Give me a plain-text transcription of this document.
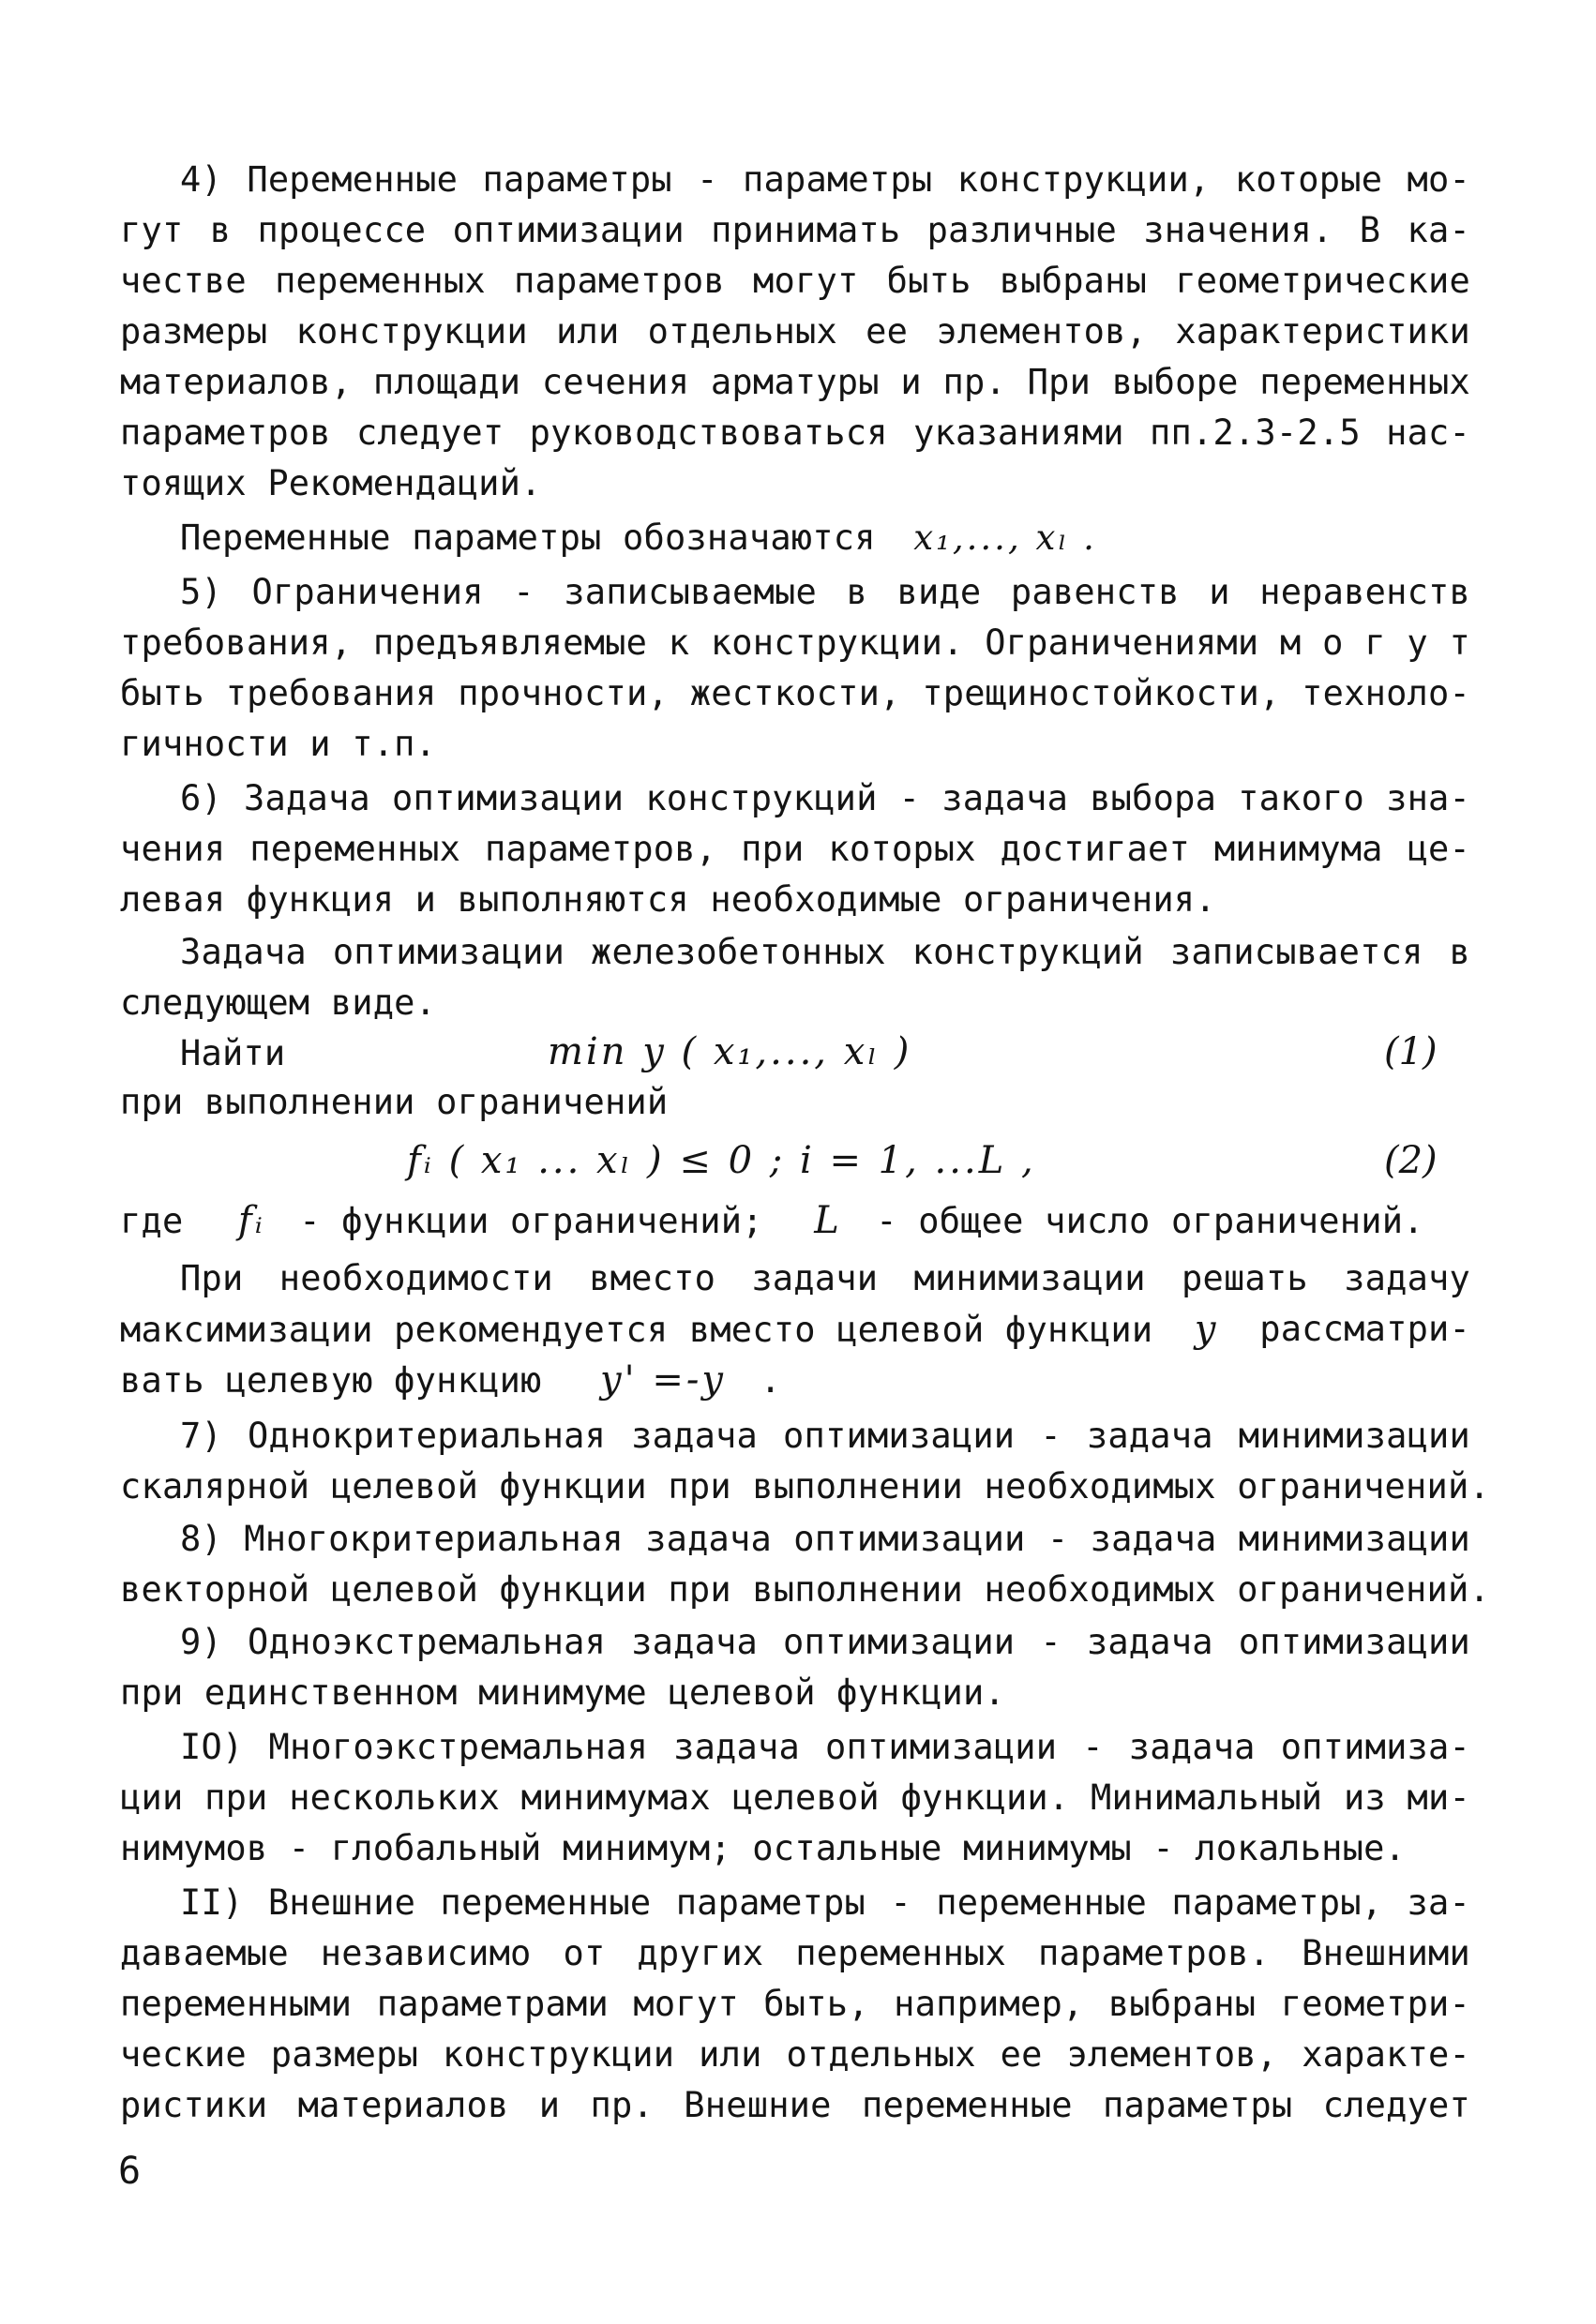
4) Переменные параметры - параметры конструкции, которые мо-
гут в процессе оптимизации принимать различные значения. В ка-
честве переменных параметров могут быть выбраны геометрические
размеры конструкции или отдельных ее элементов, характеристики
материалов, площади сечения арматуры и пр. При выборе переменных
параметров следует руководствоваться указаниями пп.2.3-2.5 нас-
тоящих Рекомендаций.
Переменные параметры обозначаются x₁,..., xₗ .
5) Ограничения - записываемые в виде равенств и неравенств
требования, предъявляемые к конструкции. Ограничениями м о г у т
быть требования прочности, жесткости, трещиностойкости, техноло-
гичности и т.п.
6) Задача оптимизации конструкций - задача выбора такого зна-
чения переменных параметров, при которых достигает минимума це-
левая функция и выполняются необходимые ограничения.
Задача оптимизации железобетонных конструкций записывается в
следующем виде.
Найти	min y ( x₁,..., xₗ )	(1)
при выполнении ограничений
fᵢ ( x₁ ... xₗ ) ≤ 0 ; i = 1, ...L ,	(2)
где fᵢ - функции ограничений; L - общее число ограничений.
При необходимости вместо задачи минимизации решать задачу
максимизации рекомендуется вместо целевой функции y рассматри-
вать целевую функцию y' =-y .
7) Однокритериальная задача оптимизации - задача минимизации
скалярной целевой функции при выполнении необходимых ограничений.
8) Многокритериальная задача оптимизации - задача минимизации
векторной целевой функции при выполнении необходимых ограничений.
9) Одноэкстремальная задача оптимизации - задача оптимизации
при единственном минимуме целевой функции.
IO) Многоэкстремальная задача оптимизации - задача оптимиза-
ции при нескольких минимумах целевой функции. Минимальный из ми-
нимумов - глобальный минимум; остальные минимумы - локальные.
II) Внешние переменные параметры - переменные параметры, за-
даваемые независимо от других переменных параметров. Внешними
переменными параметрами могут быть, например, выбраны геометри-
ческие размеры конструкции или отдельных ее элементов, характе-
ристики материалов и пр. Внешние переменные параметры следует
6
